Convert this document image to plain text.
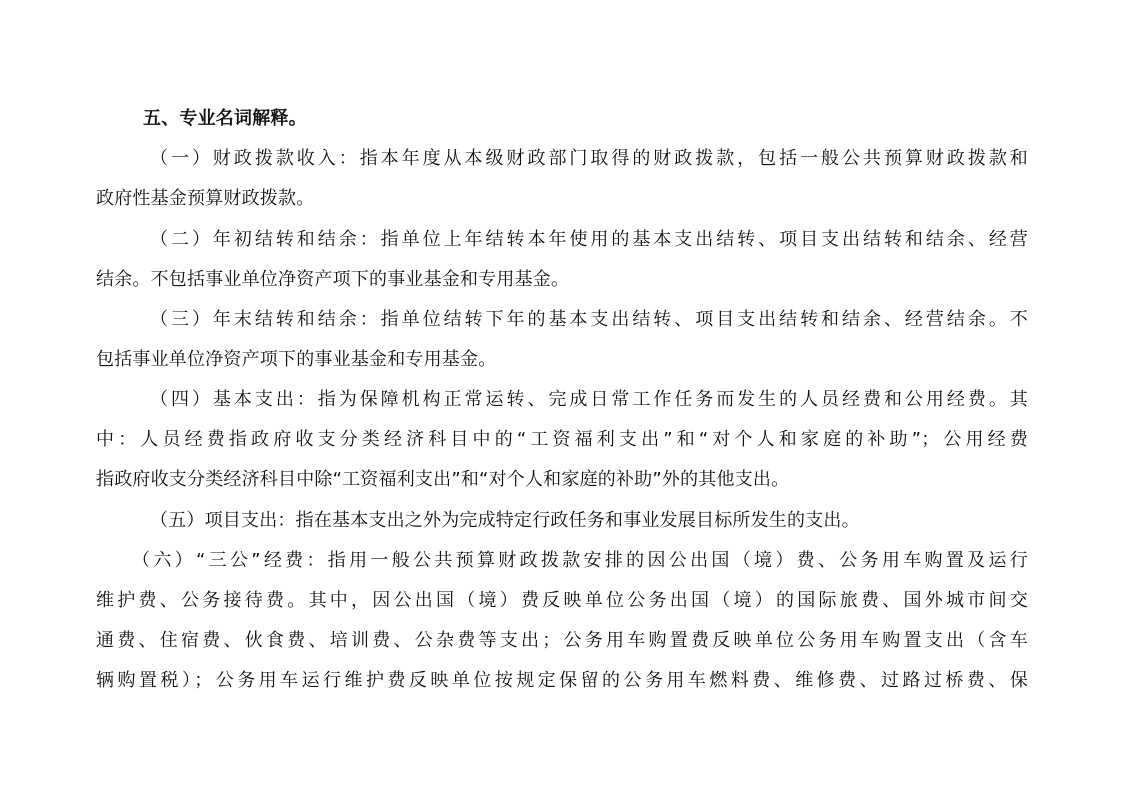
五、专业名词解释。
（一）财政拨款收入：指本年度从本级财政部门取得的财政拨款，包括一般公共预算财政拨款和
政府性基金预算财政拨款。
（二）年初结转和结余：指单位上年结转本年使用的基本支出结转、项目支出结转和结余、经营
结余。不包括事业单位净资产项下的事业基金和专用基金。
（三）年末结转和结余：指单位结转下年的基本支出结转、项目支出结转和结余、经营结余。不
包括事业单位净资产项下的事业基金和专用基金。
（四）基本支出：指为保障机构正常运转、完成日常工作任务而发生的人员经费和公用经费。其
中：人员经费指政府收支分类经济科目中的“工资福利支出”和“对个人和家庭的补助”；公用经费
指政府收支分类经济科目中除“工资福利支出”和“对个人和家庭的补助”外的其他支出。
（五）项目支出：指在基本支出之外为完成特定行政任务和事业发展目标所发生的支出。
（六）“三公”经费：指用一般公共预算财政拨款安排的因公出国（境）费、公务用车购置及运行
维护费、公务接待费。其中，因公出国（境）费反映单位公务出国（境）的国际旅费、国外城市间交
通费、住宿费、伙食费、培训费、公杂费等支出；公务用车购置费反映单位公务用车购置支出（含车
辆购置税）；公务用车运行维护费反映单位按规定保留的公务用车燃料费、维修费、过路过桥费、保
